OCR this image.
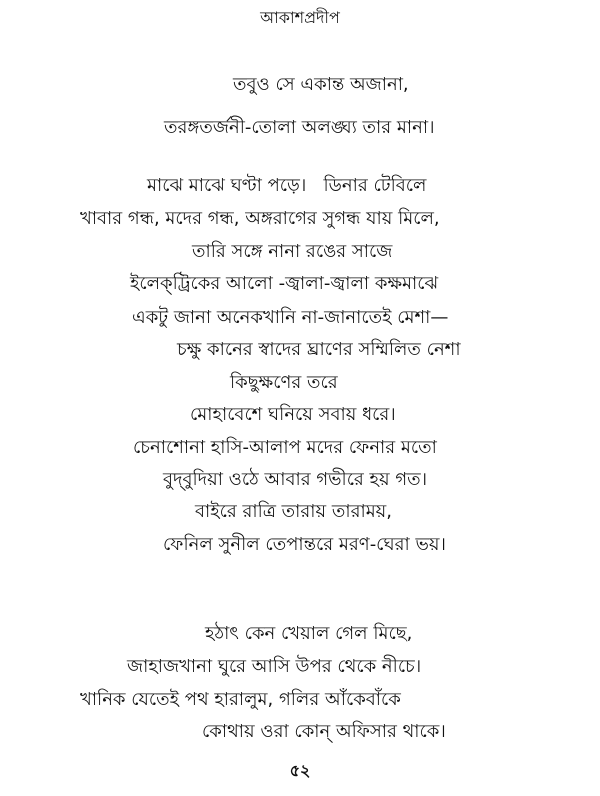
আকাশপ্রদীপ
তবুও সে একান্ত অজানা,
তরঙ্গতর্জনী-তোলা অলঙ্ঘ্য তার মানা।
মাঝে মাঝে ঘণ্টা পড়ে।   ডিনার টেবিলে
খাবার গন্ধ, মদের গন্ধ, অঙ্গরাগের সুগন্ধ যায় মিলে,
তারি সঙ্গে নানা রঙের সাজে
ইলেক্‌ট্রিকের আলো -জ্বালা-জ্বালা কক্ষমাঝে
একটু জানা অনেকখানি না-জানাতেই মেশা—
চক্ষু কানের স্বাদের ঘ্রাণের সম্মিলিত নেশা
কিছুক্ষণের তরে
মোহাবেশে ঘনিয়ে সবায় ধরে।
চেনাশোনা হাসি-আলাপ মদের ফেনার মতো
বুদ্‌বুদিয়া ওঠে আবার গভীরে হয় গত।
বাইরে রাত্রি তারায় তারাময়,
ফেনিল সুনীল তেপান্তরে মরণ-ঘেরা ভয়।
হঠাৎ কেন খেয়াল গেল মিছে,
জাহাজখানা ঘুরে আসি উপর থেকে নীচে।
খানিক যেতেই পথ হারালুম, গলির আঁকেবাঁকে
কোথায় ওরা কোন্‌ অফিসার থাকে।
৫২
